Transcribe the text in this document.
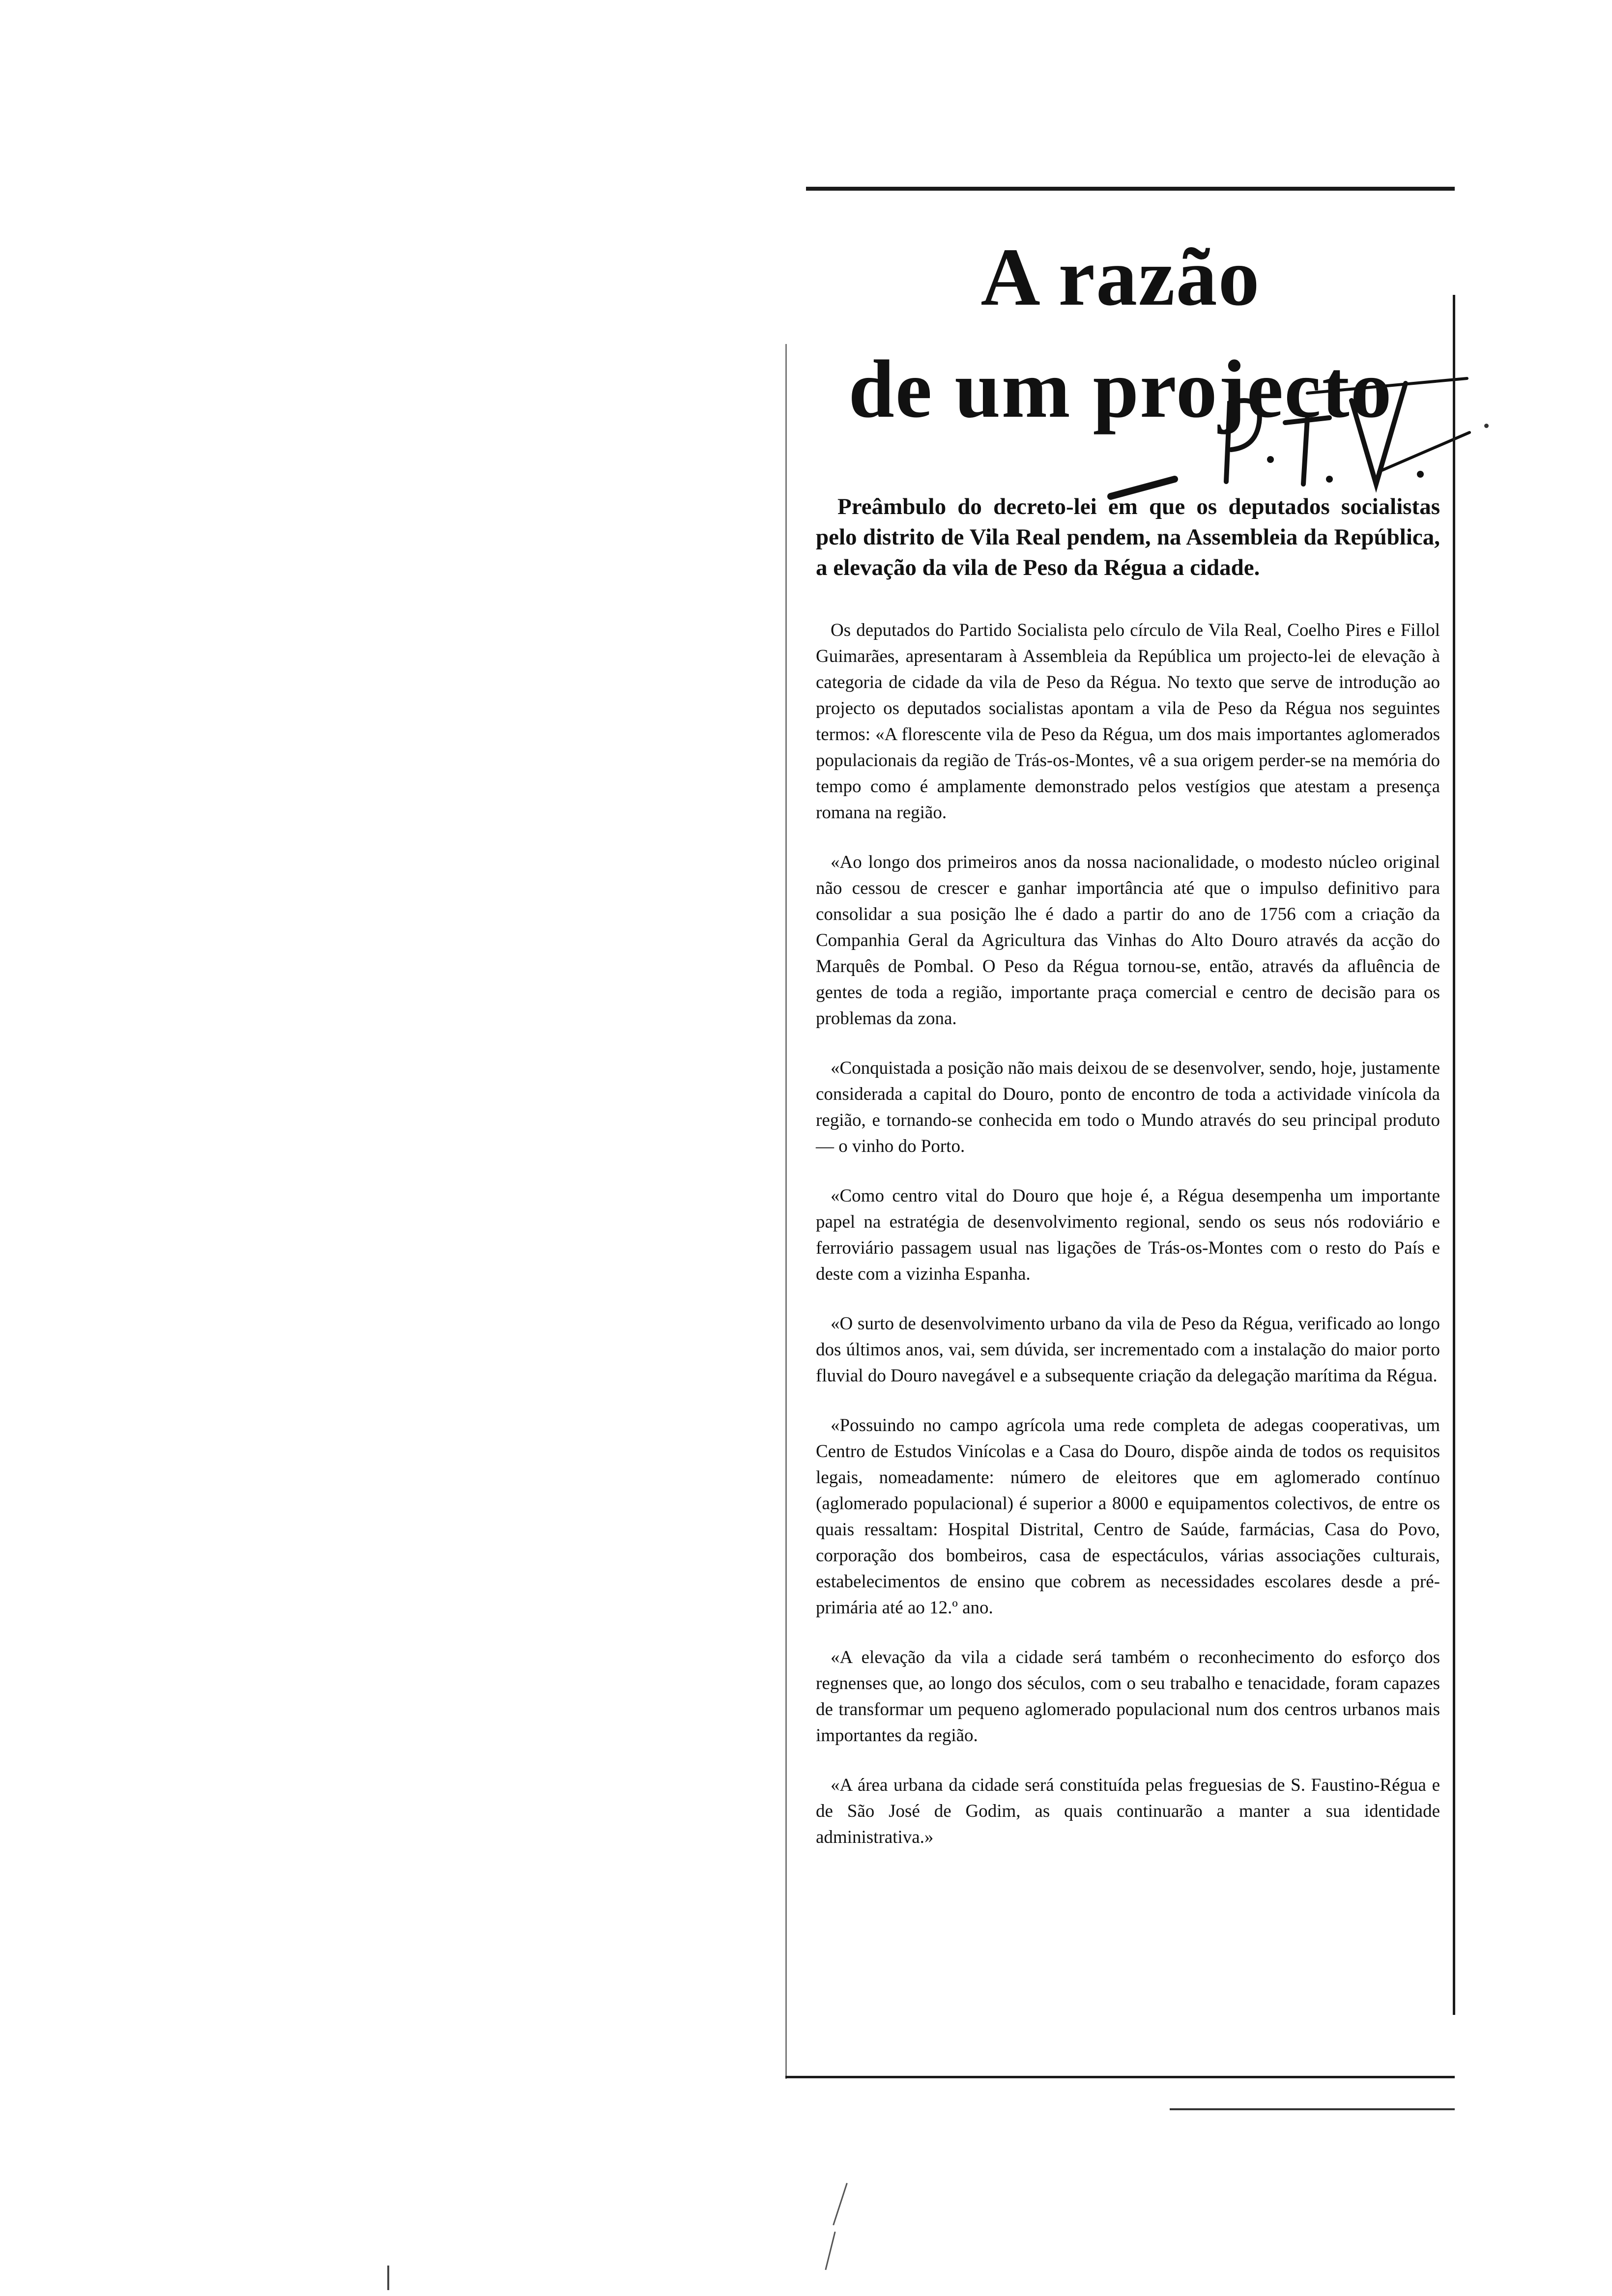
A razão
de um projecto

Preâmbulo do decreto-lei em que os deputados socialistas pelo distrito de Vila Real pendem, na Assembleia da República, a elevação da vila de Peso da Régua a cidade.

Os deputados do Partido Socialista pelo círculo de Vila Real, Coelho Pires e Fillol Guimarães, apresentaram à Assembleia da República um projecto-lei de elevação à categoria de cidade da vila de Peso da Régua. No texto que serve de introdução ao projecto os deputados socialistas apontam a vila de Peso da Régua nos seguintes termos: «A florescente vila de Peso da Régua, um dos mais importantes aglomerados populacionais da região de Trás-os-Montes, vê a sua origem perder-se na memória do tempo como é amplamente demonstrado pelos vestígios que atestam a presença romana na região.

«Ao longo dos primeiros anos da nossa nacionalidade, o modesto núcleo original não cessou de crescer e ganhar importância até que o impulso definitivo para consolidar a sua posição lhe é dado a partir do ano de 1756 com a criação da Companhia Geral da Agricultura das Vinhas do Alto Douro através da acção do Marquês de Pombal. O Peso da Régua tornou-se, então, através da afluência de gentes de toda a região, importante praça comercial e centro de decisão para os problemas da zona.

«Conquistada a posição não mais deixou de se desenvolver, sendo, hoje, justamente considerada a capital do Douro, ponto de encontro de toda a actividade vinícola da região, e tornando-se conhecida em todo o Mundo através do seu principal produto — o vinho do Porto.

«Como centro vital do Douro que hoje é, a Régua desempenha um importante papel na estratégia de desenvolvimento regional, sendo os seus nós rodoviário e ferroviário passagem usual nas ligações de Trás-os-Montes com o resto do País e deste com a vizinha Espanha.

«O surto de desenvolvimento urbano da vila de Peso da Régua, verificado ao longo dos últimos anos, vai, sem dúvida, ser incrementado com a instalação do maior porto fluvial do Douro navegável e a subsequente criação da delegação marítima da Régua.

«Possuindo no campo agrícola uma rede completa de adegas cooperativas, um Centro de Estudos Vinícolas e a Casa do Douro, dispõe ainda de todos os requisitos legais, nomeadamente: número de eleitores que em aglomerado contínuo (aglomerado populacional) é superior a 8000 e equipamentos colectivos, de entre os quais ressaltam: Hospital Distrital, Centro de Saúde, farmácias, Casa do Povo, corporação dos bombeiros, casa de espectáculos, várias associações culturais, estabelecimentos de ensino que cobrem as necessidades escolares desde a pré-primária até ao 12.º ano.

«A elevação da vila a cidade será também o reconhecimento do esforço dos regnenses que, ao longo dos séculos, com o seu trabalho e tenacidade, foram capazes de transformar um pequeno aglomerado populacional num dos centros urbanos mais importantes da região.

«A área urbana da cidade será constituída pelas freguesias de S. Faustino-Régua e de São José de Godim, as quais continuarão a manter a sua identidade administrativa.»
